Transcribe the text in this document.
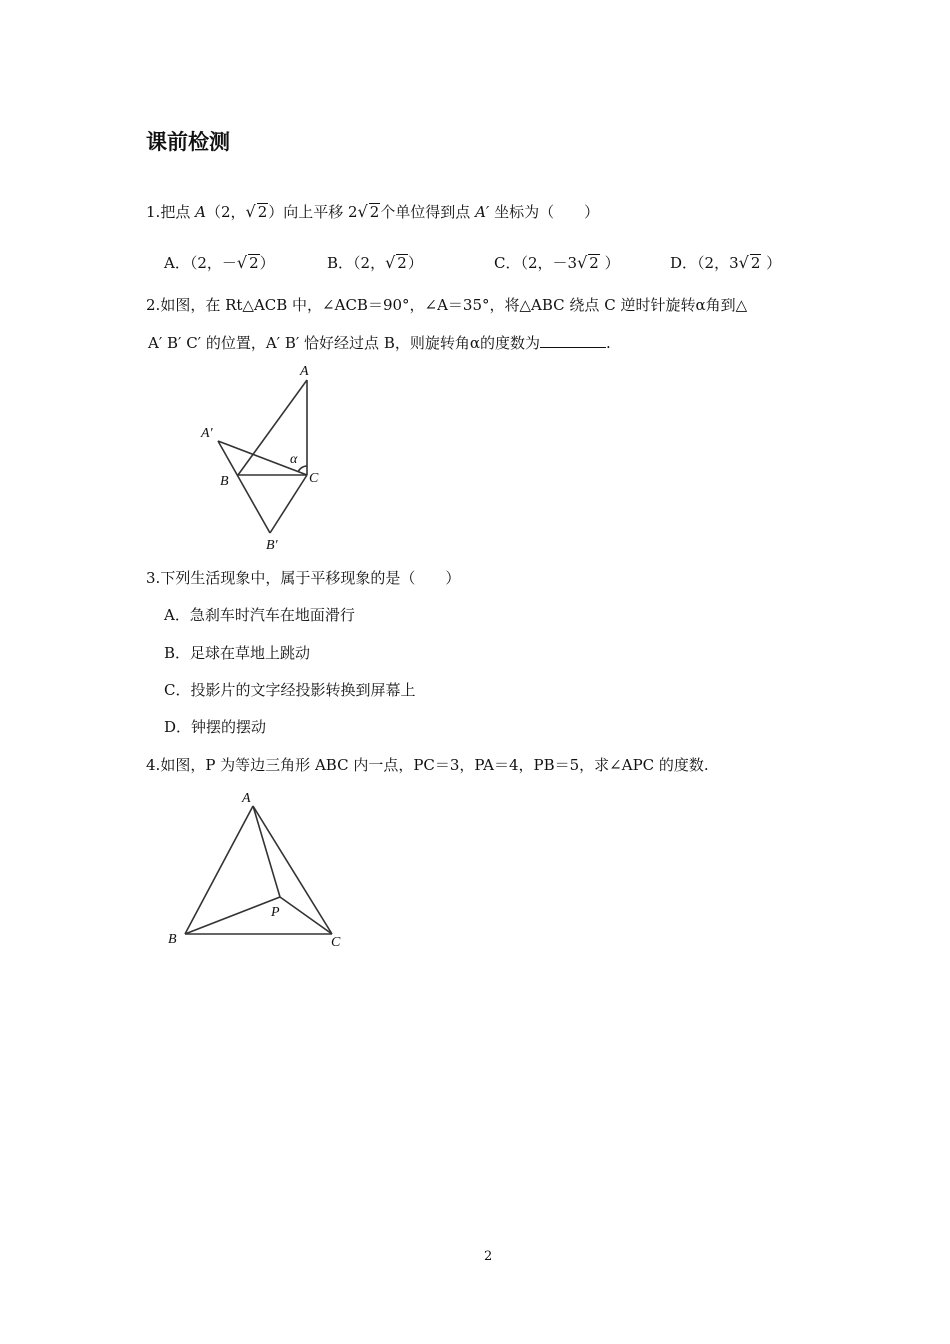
课前检测
1.把点 A（2，√ 2）向上平移 2√ 2个单位得到点 A′ 坐标为（　　）
A．（2，－√ 2）	B．（2，√ 2）	C．（2，－3√ 2 ）	D．（2，3√ 2 ）
2.如图，在 Rt△ACB 中，∠ACB＝90°，∠A＝35°，将△ABC 绕点 C 逆时针旋转α角到△
A′ B′ C′ 的位置，A′ B′ 恰好经过点 B，则旋转角α的度数为	.
A
A′
α
B	C
B′
3.下列生活现象中，属于平移现象的是（　　）
A．急刹车时汽车在地面滑行
B．足球在草地上跳动
C．投影片的文字经投影转换到屏幕上
D．钟摆的摆动
4.如图，P 为等边三角形 ABC 内一点，PC＝3，PA＝4，PB＝5，求∠APC 的度数.
A
B	C
P
2
